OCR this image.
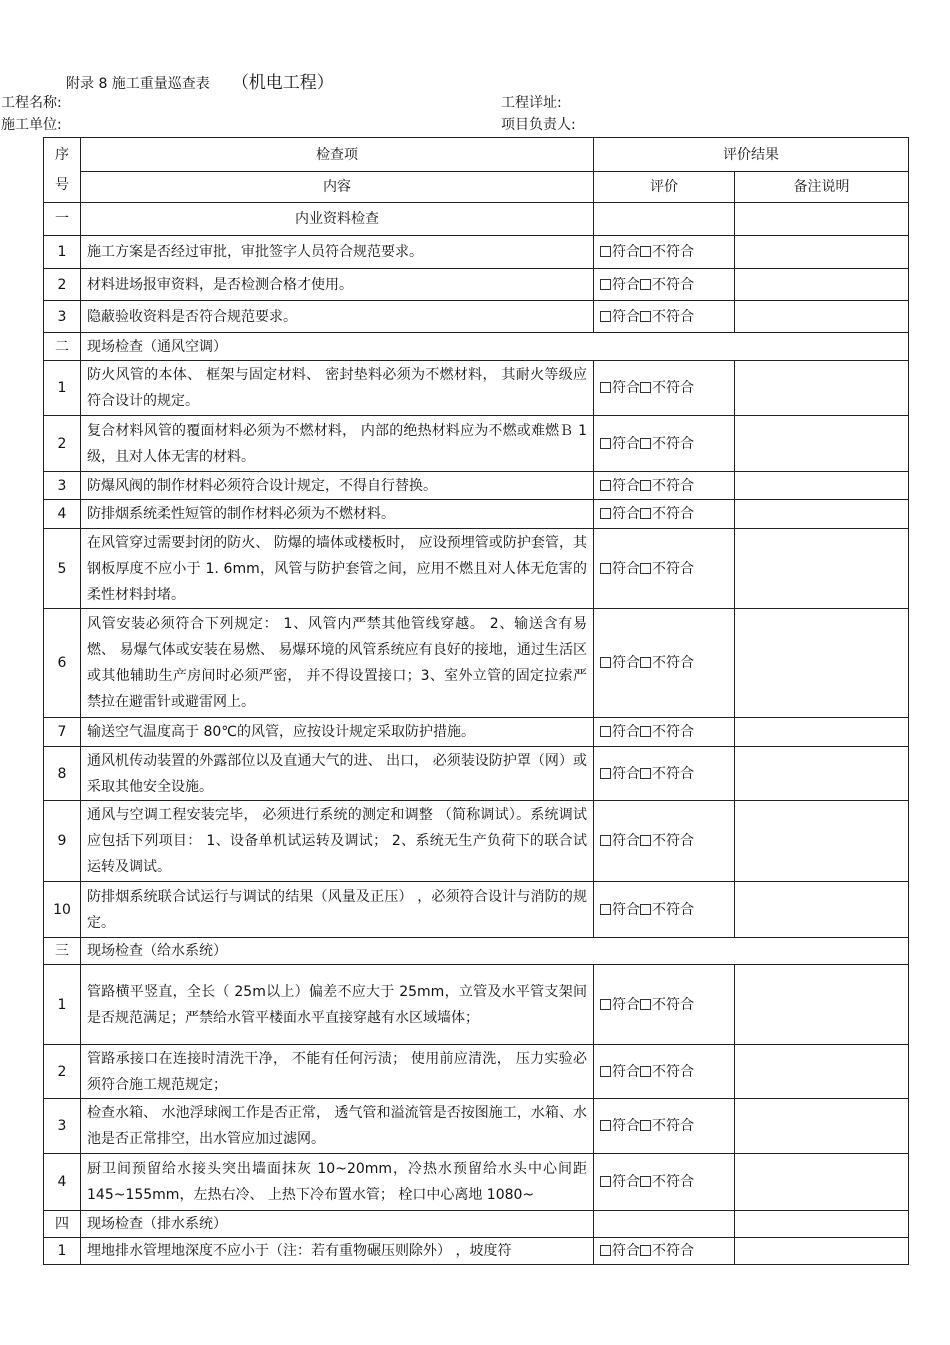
附录 8 施工重量巡查表 （机电工程）
工程名称:	工程详址:
施工单位:	项目负责人:
序
号	检查项	评价结果	
	内容	评价	备注说明
一	内业资料检查		
1	施工方案是否经过审批，审批签字人员符合规范要求。	符合 不符合	
2	材料进场报审资料，是否检测合格才使用。	符合 不符合	
3	隐蔽验收资料是否符合规范要求。	符合 不符合	
二	现场检查（通风空调）		
1	防火风管的本体、 框架与固定材料、 密封垫料必须为不燃材料， 其耐火等级应符合设计的规定。	符合 不符合	
2	复合材料风管的覆面材料必须为不燃材料， 内部的绝热材料应为不燃或难燃Ｂ 1 级，且对人体无害的材料。	符合 不符合	
3	防爆风阀的制作材料必须符合设计规定，不得自行替换。	符合 不符合	
4	防排烟系统柔性短管的制作材料必须为不燃材料。	符合 不符合	
5	在风管穿过需要封闭的防火、 防爆的墙体或楼板时， 应设预埋管或防护套管，其钢板厚度不应小于 1. 6mm，风管与防护套管之间，应用不燃且对人体无危害的柔性材料封堵。	符合 不符合	
6	风管安装必须符合下列规定： 1、风管内严禁其他管线穿越。 2、输送含有易燃、 易爆气体或安装在易燃、 易爆环境的风管系统应有良好的接地，通过生活区或其他辅助生产房间时必须严密， 并不得设置接口；3、室外立管的固定拉索严禁拉在避雷针或避雷网上。	符合 不符合	
7	输送空气温度高于 80℃的风管，应按设计规定采取防护措施。	符合 不符合	
8	通风机传动装置的外露部位以及直通大气的进、 出口， 必须装设防护罩（网）或采取其他安全设施。	符合 不符合	
9	通风与空调工程安装完毕， 必须进行系统的测定和调整 （简称调试）。系统调试应包括下列项目： 1、设备单机试运转及调试； 2、系统无生产负荷下的联合试运转及调试。	符合 不符合	
10	防排烟系统联合试运行与调试的结果（风量及正压） ，必须符合设计与消防的规定。	符合 不符合	
三	现场检查（给水系统）		
1	管路横平竖直，全长（ 25m以上）偏差不应大于 25mm，立管及水平管支架间是否规范满足；严禁给水管平楼面水平直接穿越有水区域墙体；	符合 不符合	
2	管路承接口在连接时清洗干净， 不能有任何污渍； 使用前应清洗， 压力实验必须符合施工规范规定；	符合 不符合	
3	检查水箱、 水池浮球阀工作是否正常， 透气管和溢流管是否按图施工，水箱、水池是否正常排空，出水管应加过滤网。	符合 不符合	
4	厨卫间预留给水接头突出墙面抹灰 10~20mm，冷热水预留给水头中心间距 145~155mm，左热右冷、 上热下冷布置水管； 栓口中心离地 1080~	符合 不符合	
四	现场检查（排水系统）		
1	埋地排水管埋地深度不应小于（注：若有重物碾压则除外） ，坡度符	符合 不符合	
